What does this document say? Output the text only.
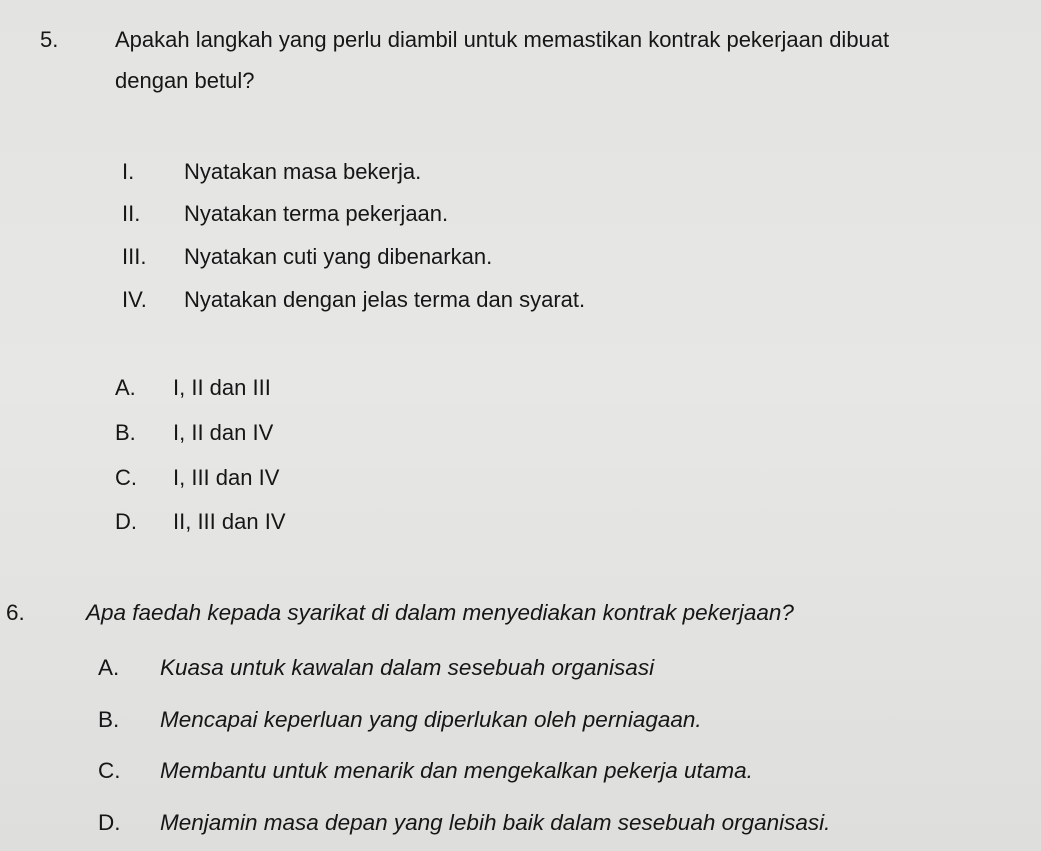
5.	Apakah langkah yang perlu diambil untuk memastikan kontrak pekerjaan dibuat
dengan betul?
I. Nyatakan masa bekerja.
II. Nyatakan terma pekerjaan.
III. Nyatakan cuti yang dibenarkan.
IV. Nyatakan dengan jelas terma dan syarat.
A. I, II dan III
B. I, II dan IV
C. I, III dan IV
D. II, III dan IV
6.	Apa faedah kepada syarikat di dalam menyediakan kontrak pekerjaan?
A. Kuasa untuk kawalan dalam sesebuah organisasi
B. Mencapai keperluan yang diperlukan oleh perniagaan.
C. Membantu untuk menarik dan mengekalkan pekerja utama.
D. Menjamin masa depan yang lebih baik dalam sesebuah organisasi.
